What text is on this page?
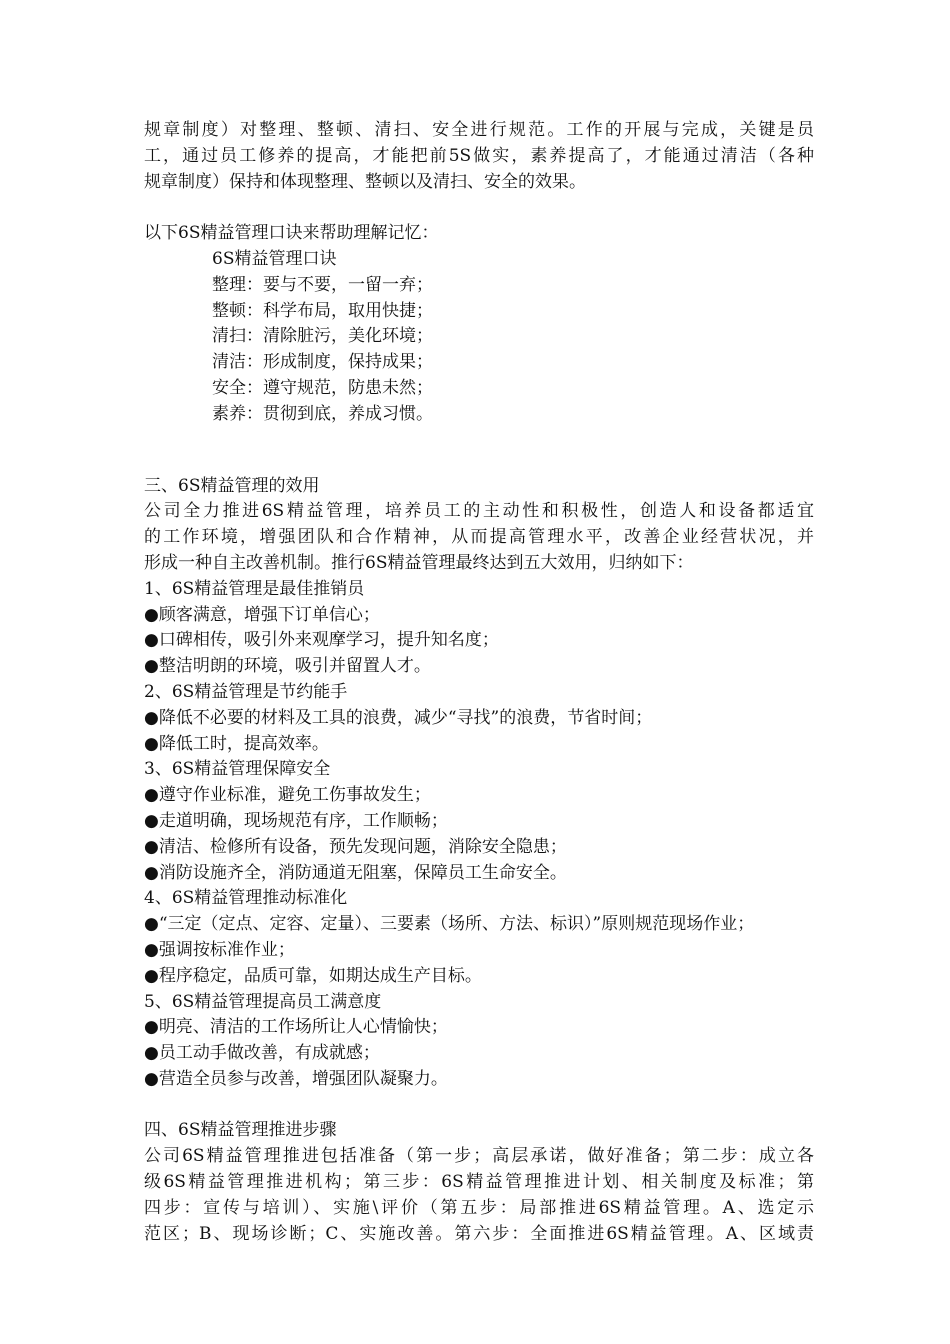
规章制度）对整理、整顿、清扫、安全进行规范。工作的开展与完成，关键是员
工，通过员工修养的提高，才能把前5S做实，素养提高了，才能通过清洁（各种
规章制度）保持和体现整理、整顿以及清扫、安全的效果。
以下6S精益管理口诀来帮助理解记忆：
6S精益管理口诀
整理：要与不要，一留一弃；
整顿：科学布局，取用快捷；
清扫：清除脏污，美化环境；
清洁：形成制度，保持成果；
安全：遵守规范，防患未然；
素养：贯彻到底，养成习惯。
三、6S精益管理的效用
公司全力推进6S精益管理，培养员工的主动性和积极性，创造人和设备都适宜
的工作环境，增强团队和合作精神，从而提高管理水平，改善企业经营状况，并
形成一种自主改善机制。推行6S精益管理最终达到五大效用，归纳如下：
1、6S精益管理是最佳推销员
●顾客满意，增强下订单信心；
●口碑相传，吸引外来观摩学习，提升知名度；
●整洁明朗的环境，吸引并留置人才。
2、6S精益管理是节约能手
●降低不必要的材料及工具的浪费，减少“寻找”的浪费，节省时间；
●降低工时，提高效率。
3、6S精益管理保障安全
●遵守作业标准，避免工伤事故发生；
●走道明确，现场规范有序，工作顺畅；
●清洁、检修所有设备，预先发现问题，消除安全隐患；
●消防设施齐全，消防通道无阻塞，保障员工生命安全。
4、6S精益管理推动标准化
●“三定（定点、定容、定量）、三要素（场所、方法、标识）”原则规范现场作业；
●强调按标准作业；
●程序稳定，品质可靠，如期达成生产目标。
5、6S精益管理提高员工满意度
●明亮、清洁的工作场所让人心情愉快；
●员工动手做改善，有成就感；
●营造全员参与改善，增强团队凝聚力。
四、6S精益管理推进步骤
公司6S精益管理推进包括准备（第一步；高层承诺，做好准备；第二步：成立各
级6S精益管理推进机构；第三步：6S精益管理推进计划、相关制度及标准；第
四步：宣传与培训）、实施\评价（第五步：局部推进6S精益管理。A、选定示
范区；B、现场诊断；C、实施改善。第六步：全面推进6S精益管理。A、区域责
